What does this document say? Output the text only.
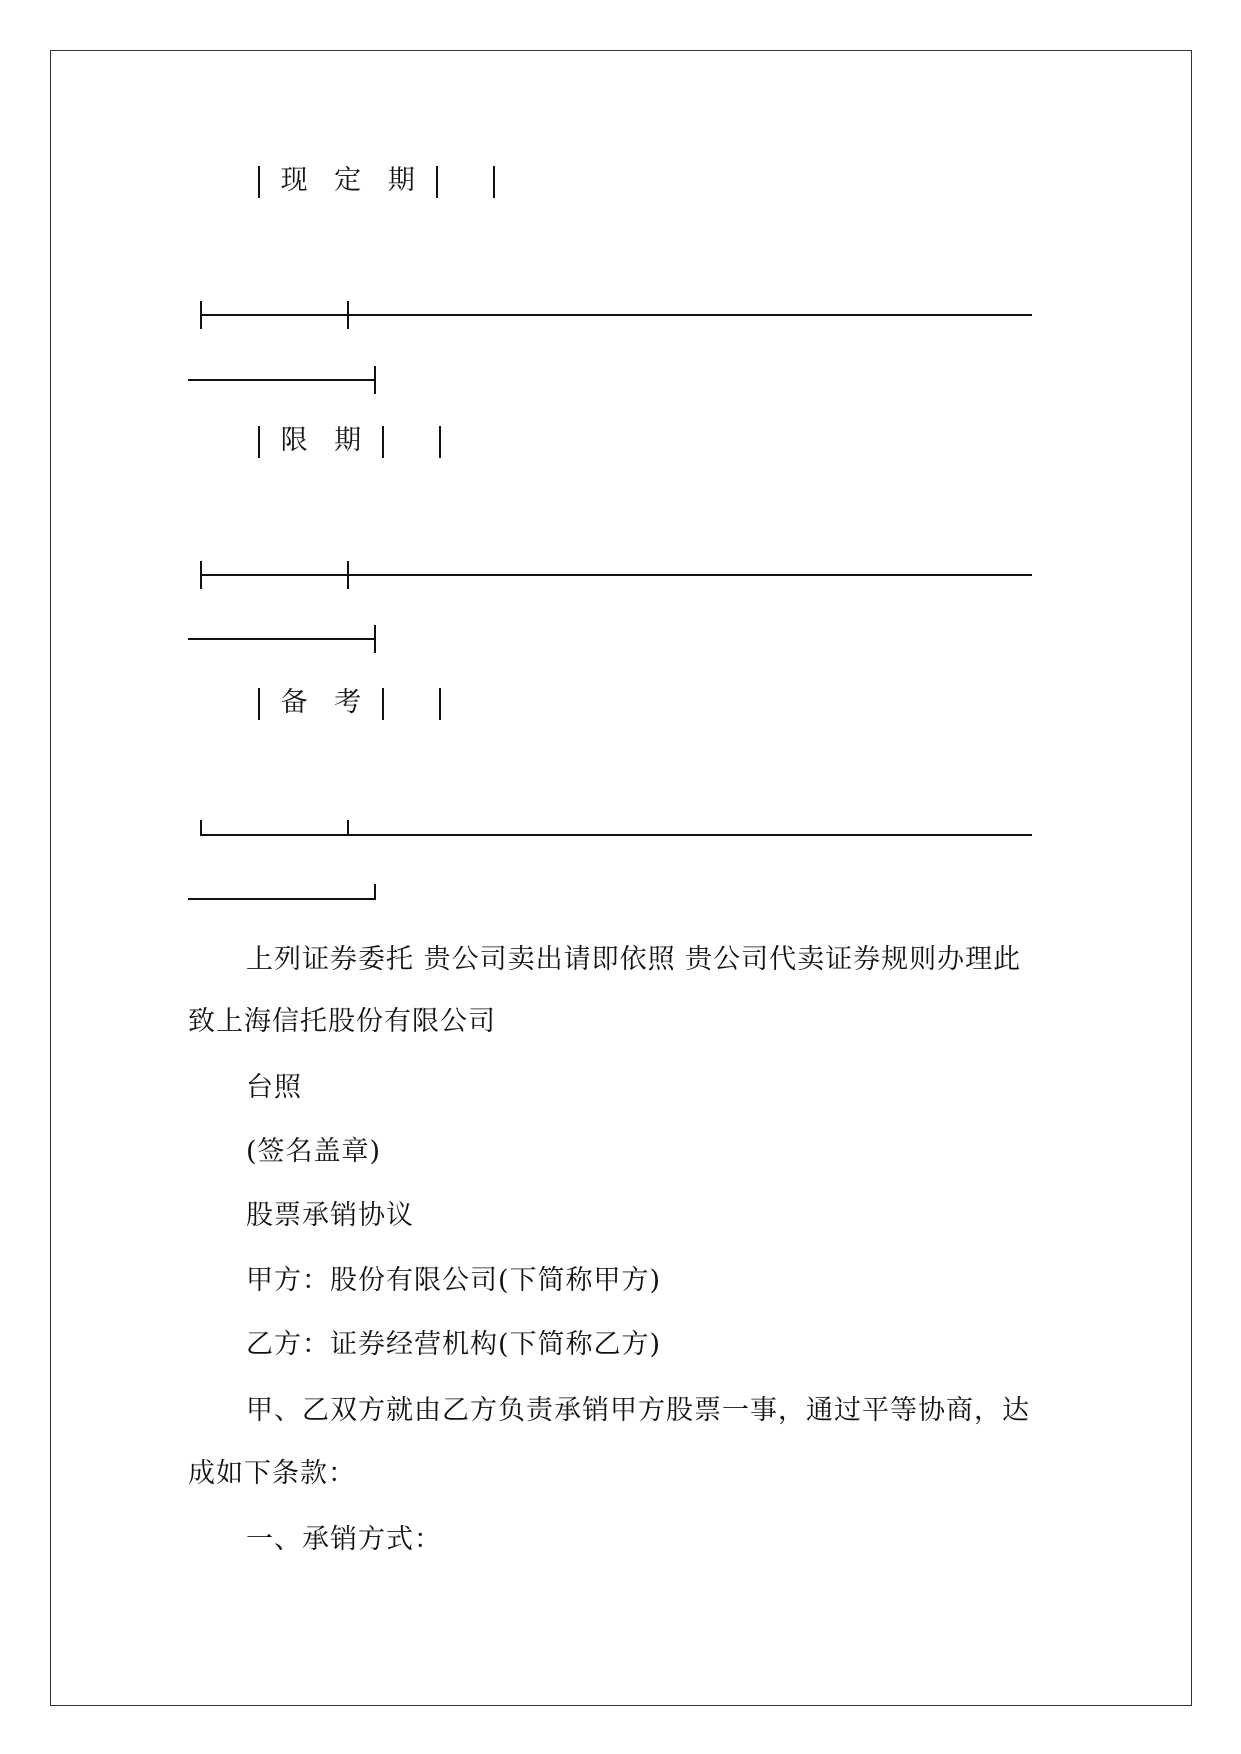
现 定 期
限 期
备 考
上列证券委托 贵公司卖出请即依照 贵公司代卖证券规则办理此
致上海信托股份有限公司
台照
(签名盖章)
股票承销协议
甲方：股份有限公司(下简称甲方)
乙方：证券经营机构(下简称乙方)
甲、乙双方就由乙方负责承销甲方股票一事，通过平等协商，达
成如下条款：
一、承销方式：
